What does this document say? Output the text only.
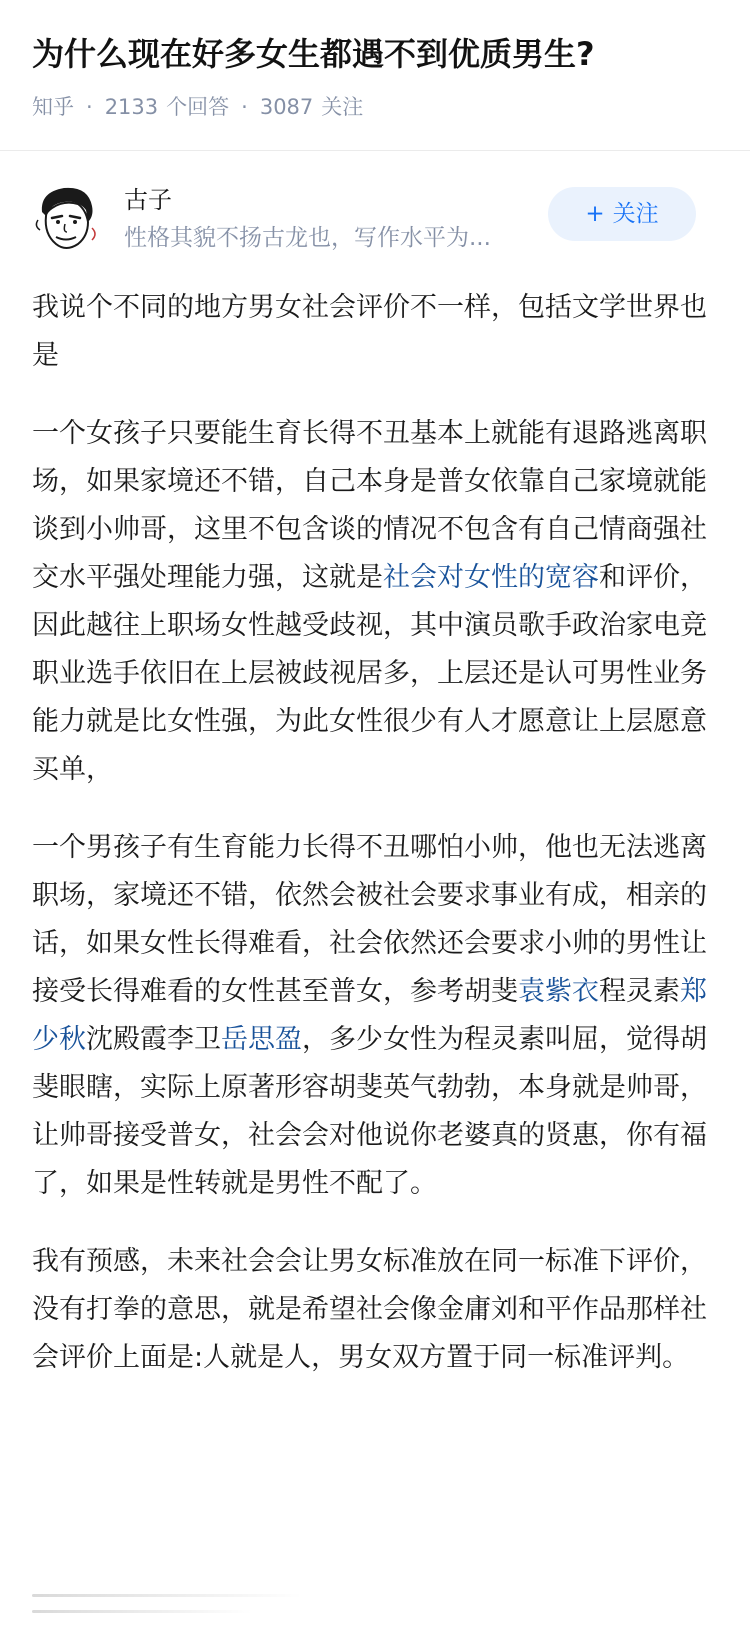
为什么现在好多女生都遇不到优质男生?
知乎 · 2133 个回答 · 3087 关注
古子
性格其貌不扬古龙也，写作水平为...
+ 关注

我说个不同的地方男女社会评价不一样，包括文学世界也是

一个女孩子只要能生育长得不丑基本上就能有退路逃离职场，如果家境还不错，自己本身是普女依靠自己家境就能谈到小帅哥，这里不包含谈的情况不包含有自己情商强社交水平强处理能力强，这就是社会对女性的宽容和评价，因此越往上职场女性越受歧视，其中演员歌手政治家电竞职业选手依旧在上层被歧视居多，上层还是认可男性业务能力就是比女性强，为此女性很少有人才愿意让上层愿意买单，

一个男孩子有生育能力长得不丑哪怕小帅，他也无法逃离职场，家境还不错，依然会被社会要求事业有成，相亲的话，如果女性长得难看，社会依然还会要求小帅的男性让接受长得难看的女性甚至普女，参考胡斐袁紫衣程灵素郑少秋沈殿霞李卫岳思盈，多少女性为程灵素叫屈，觉得胡斐眼瞎，实际上原著形容胡斐英气勃勃，本身就是帅哥，让帅哥接受普女，社会会对他说你老婆真的贤惠，你有福了，如果是性转就是男性不配了。

我有预感，未来社会会让男女标准放在同一标准下评价，没有打拳的意思，就是希望社会像金庸刘和平作品那样社会评价上面是:人就是人，男女双方置于同一标准评判。
